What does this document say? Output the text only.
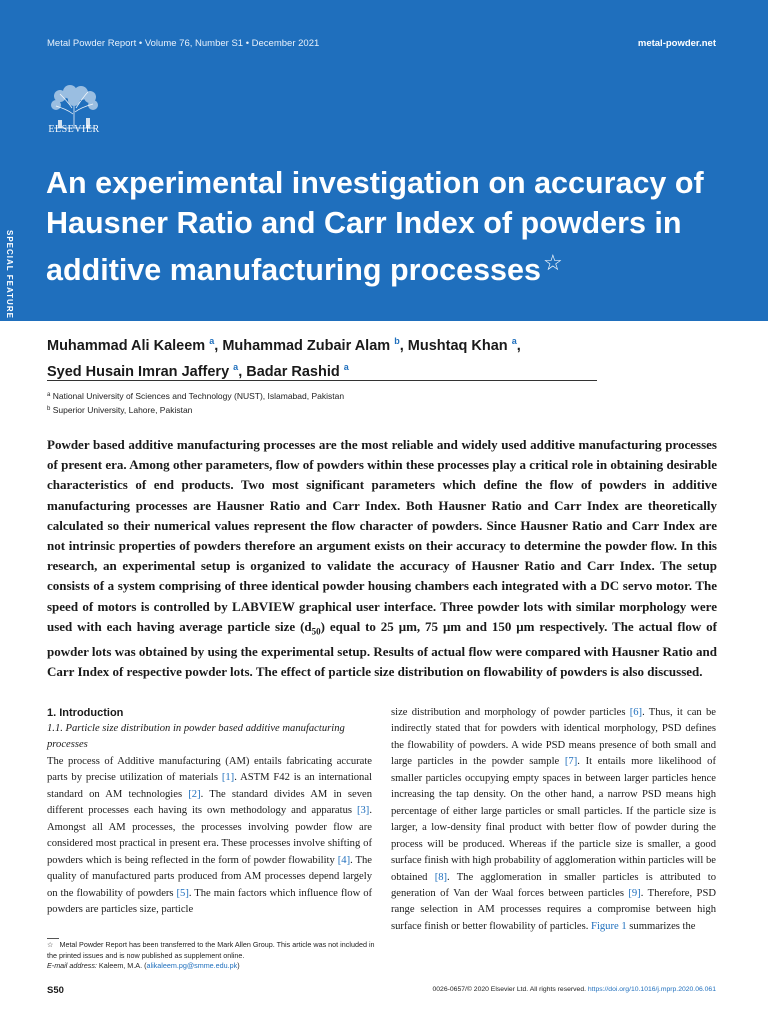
Metal Powder Report • Volume 76, Number S1 • December 2021	metal-powder.net
ELSEVIER
SPECIAL FEATURE
An experimental investigation on accuracy of Hausner Ratio and Carr Index of powders in additive manufacturing processes☆
Muhammad Ali Kaleem $^a$, Muhammad Zubair Alam $^b$, Mushtaq Khan $^a$,
Syed Husain Imran Jaffery $^a$, Badar Rashid $^a$
$^a$ National University of Sciences and Technology (NUST), Islamabad, Pakistan
$^b$ Superior University, Lahore, Pakistan

Powder based additive manufacturing processes are the most reliable and widely used additive manufacturing processes of present era. Among other parameters, flow of powders within these processes play a critical role in obtaining desirable characteristics of end products. Two most significant parameters which define the flow of powders in additive manufacturing processes are Hausner Ratio and Carr Index. Both Hausner Ratio and Carr Index are theoretically calculated so their numerical values represent the flow character of powders. Since Hausner Ratio and Carr Index are not intrinsic properties of powders therefore an argument exists on their accuracy to determine the powder flow. In this research, an experimental setup is organized to validate the accuracy of Hausner Ratio and Carr Index. The setup consists of a system comprising of three identical powder housing chambers each integrated with a DC servo motor. The speed of motors is controlled by LABVIEW graphical user interface. Three powder lots with similar morphology were used with each having average particle size $(d_{50})$ equal to 25 μm, 75 μm and 150 μm respectively. The actual flow of powder lots was obtained by using the experimental setup. Results of actual flow were compared with Hausner Ratio and Carr Index of respective powder lots. The effect of particle size distribution on flowability of powders is also discussed.

1. Introduction
1.1. Particle size distribution in powder based additive manufacturing processes

The process of Additive manufacturing (AM) entails fabricating accurate parts by precise utilization of materials [1]. ASTM F42 is an international standard on AM technologies [2]. The standard divides AM in seven different processes each having its own methodology and apparatus [3]. Amongst all AM processes, the processes involving powder flow are considered most practical in present era. These processes involve shifting of powders which is being reflected in the form of powder flowability [4]. The quality of manufactured parts produced from AM processes depend largely on the flowability of powders [5]. The main factors which influence flow of powders are particles size, particle

size distribution and morphology of powder particles [6]. Thus, it can be indirectly stated that for powders with identical morphology, PSD defines the flowability of powders. A wide PSD means presence of both small and large particles in the powder sample [7]. It entails more likelihood of smaller particles occupying empty spaces in between larger particles hence increasing the tap density. On the other hand, a narrow PSD means high percentage of either large particles or small particles. If the particle size is larger, a low-density final product with better flow of powder during the process will be produced. Whereas if the particle size is smaller, a good surface finish with high probability of agglomeration within particles will be obtained [8]. The agglomeration in smaller particles is attributed to generation of Van der Waal forces between particles [9]. Therefore, PSD range selection in AM processes requires a compromise between high surface finish or better flowability of particles. Figure 1 summarizes the

☆ Metal Powder Report has been transferred to the Mark Allen Group. This article was not included in the printed issues and is now published as supplement online.
E-mail address: Kaleem, M.A. (alikaleem.pg@smme.edu.pk)
S50	0026-0657/© 2020 Elsevier Ltd. All rights reserved. https://doi.org/10.1016/j.mprp.2020.06.061
